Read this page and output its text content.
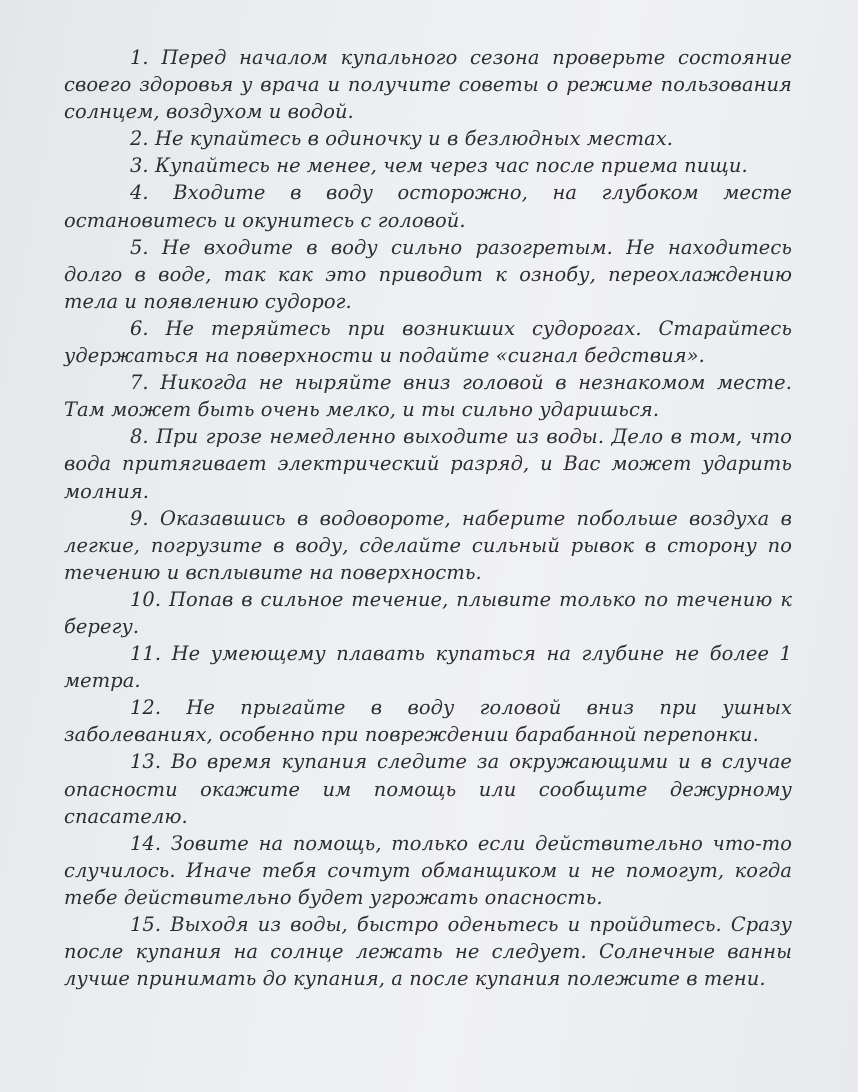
1. Перед началом купального сезона проверьте состояние своего здоровья у врача и получите советы о режиме пользования солнцем, воздухом и водой.

2. Не купайтесь в одиночку и в безлюдных местах.

3. Купайтесь не менее, чем через час после приема пищи.

4. Входите в воду осторожно, на глубоком месте остановитесь и окунитесь с головой.

5. Не входите в воду сильно разогретым. Не находитесь долго в воде, так как это приводит к ознобу, переохлаждению тела и появлению судорог.

6. Не теряйтесь при возникших судорогах. Старайтесь удержаться на поверхности и подайте «сигнал бедствия».

7. Никогда не ныряйте вниз головой в незнакомом месте. Там может быть очень мелко, и ты сильно ударишься.

8. При грозе немедленно выходите из воды. Дело в том, что вода притягивает электрический разряд, и Вас может ударить молния.

9. Оказавшись в водовороте, наберите побольше воздуха в легкие, погрузите в воду, сделайте сильный рывок в сторону по течению и всплывите на поверхность.

10. Попав в сильное течение, плывите только по течению к берегу.

11. Не умеющему плавать купаться на глубине не более 1 метра.

12. Не прыгайте в воду головой вниз при ушных заболеваниях, особенно при повреждении барабанной перепонки.

13. Во время купания следите за окружающими и в случае опасности окажите им помощь или сообщите дежурному спасателю.

14. Зовите на помощь, только если действительно что-то случилось. Иначе тебя сочтут обманщиком и не помогут, когда тебе действительно будет угрожать опасность.

15. Выходя из воды, быстро оденьтесь и пройдитесь. Сразу после купания на солнце лежать не следует. Солнечные ванны лучше принимать до купания, а после купания полежите в тени.
